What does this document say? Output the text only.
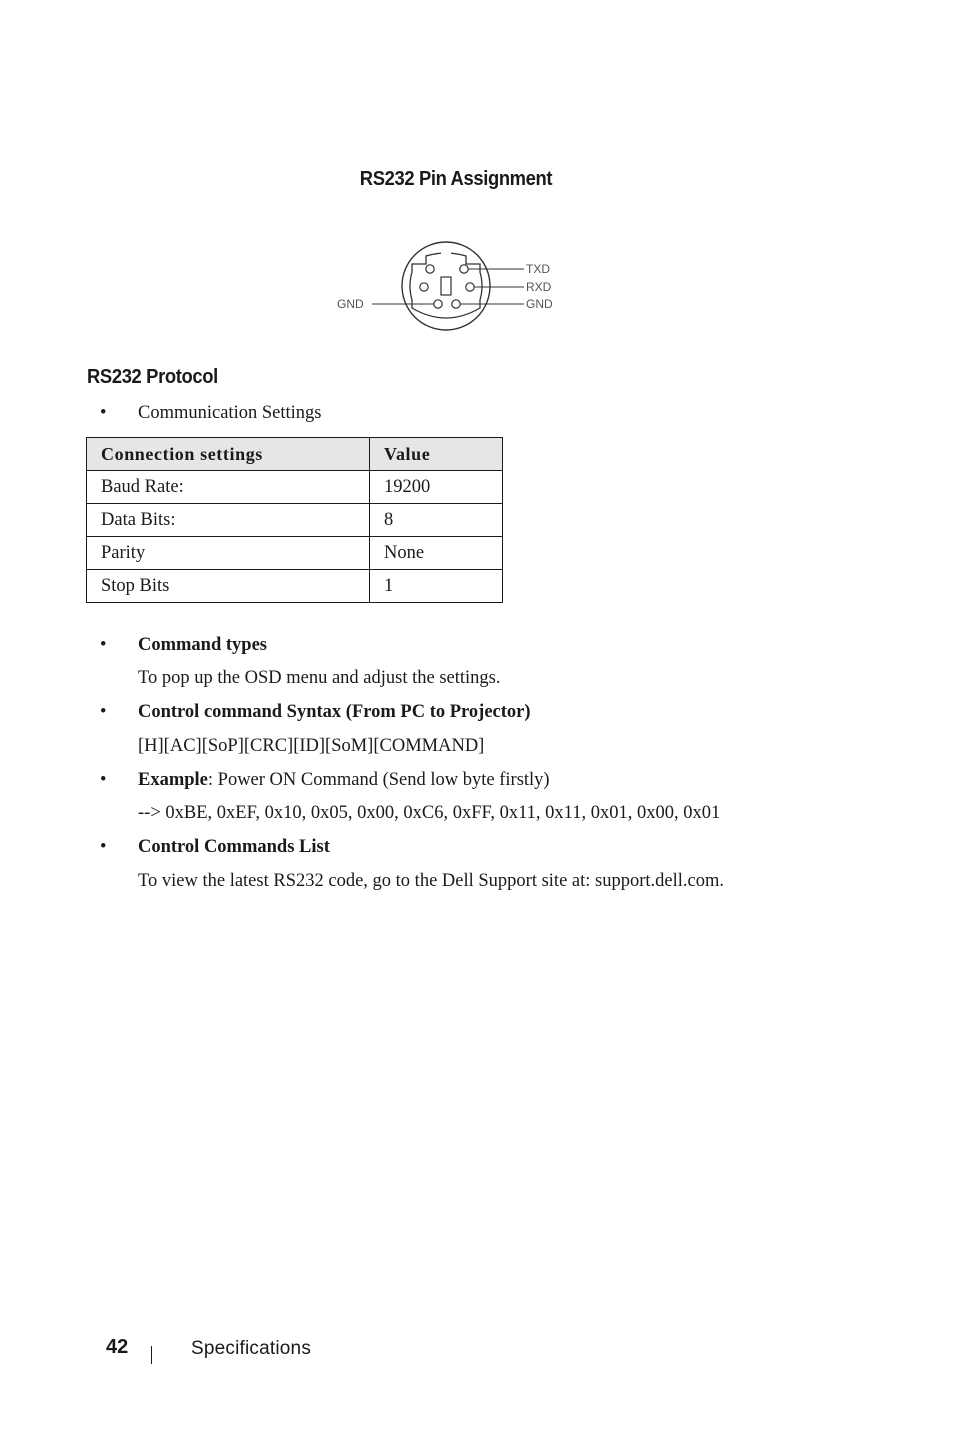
RS232 Pin Assignment
TXD
RXD
GND
GND
RS232 Protocol
• Communication Settings
Connection settings	Value
Baud Rate:	19200
Data Bits:	8
Parity	None
Stop Bits	1
• Command types
To pop up the OSD menu and adjust the settings.
• Control command Syntax (From PC to Projector)
[H][AC][SoP][CRC][ID][SoM][COMMAND]
• Example: Power ON Command (Send low byte firstly)
--> 0xBE, 0xEF, 0x10, 0x05, 0x00, 0xC6, 0xFF, 0x11, 0x11, 0x01, 0x00, 0x01
• Control Commands List
To view the latest RS232 code, go to the Dell Support site at: support.dell.com.
42	Specifications
